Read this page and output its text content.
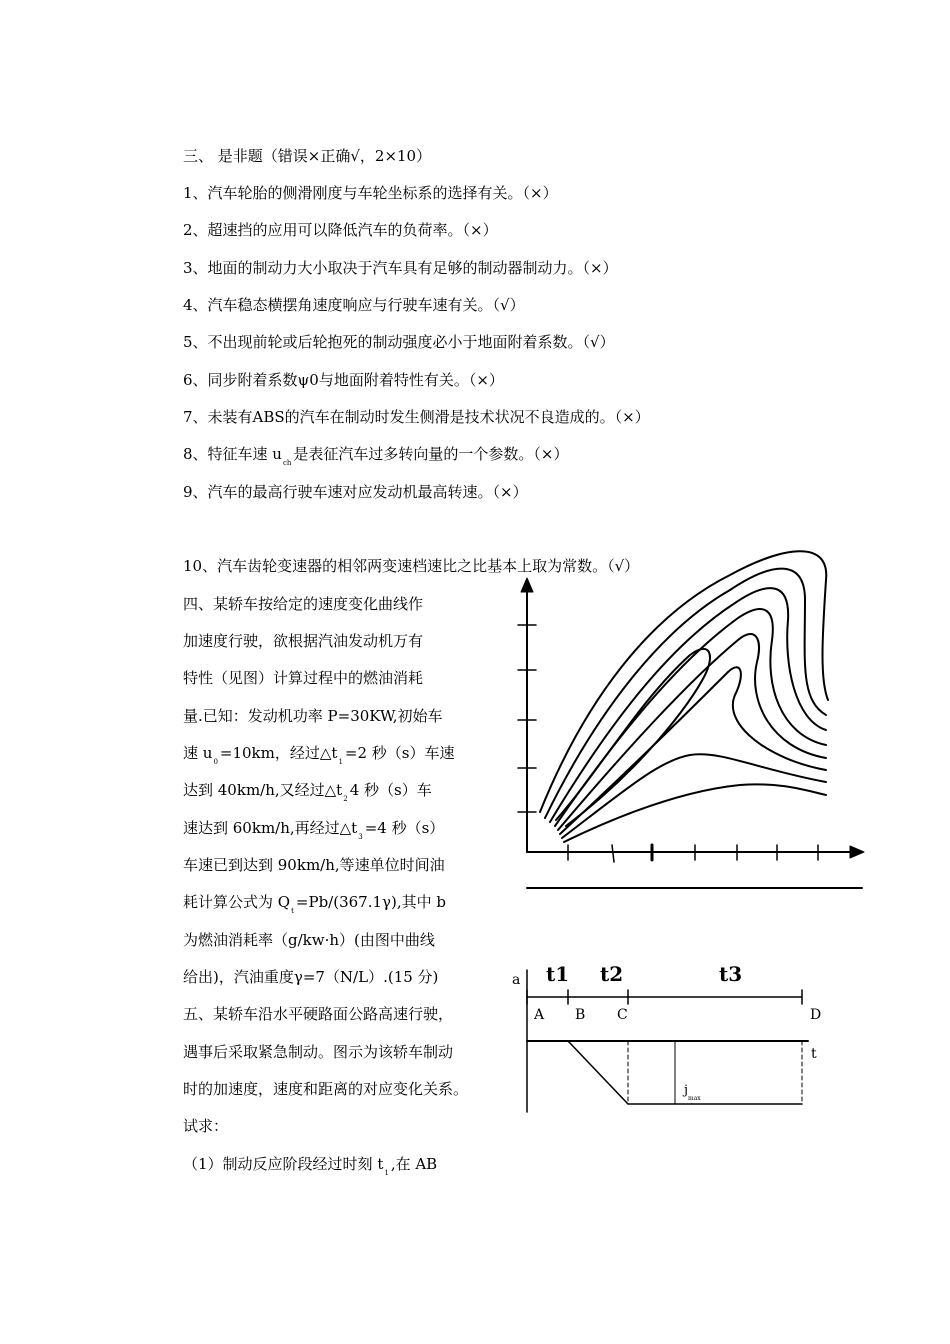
三、 是非题（错误×正确√，2×10）
1、汽车轮胎的侧滑刚度与车轮坐标系的选择有关。（×）
2、超速挡的应用可以降低汽车的负荷率。（×）
3、地面的制动力大小取决于汽车具有足够的制动器制动力。（×）
4、汽车稳态横摆角速度响应与行驶车速有关。（√）
5、不出现前轮或后轮抱死的制动强度必小于地面附着系数。（√）
6、同步附着系数ψ0与地面附着特性有关。（×）
7、未装有ABS的汽车在制动时发生侧滑是技术状况不良造成的。（×）
8、特征车速 $u_{ch}$ 是表征汽车过多转向量的一个参数。（×）
9、汽车的最高行驶车速对应发动机最高转速。（×）
10、汽车齿轮变速器的相邻两变速档速比之比基本上取为常数。（√）
四、某轿车按给定的速度变化曲线作
加速度行驶，欲根据汽油发动机万有
特性（见图）计算过程中的燃油消耗
量.已知：发动机功率 P=30KW,初始车
速 $u_0 =10km$，经过$\triangle t_1 =2$ 秒（s）车速
达到 40km/h,又经过$\triangle t_2$ 4 秒（s）车
速达到 60km/h,再经过$\triangle t_3 =4$ 秒（s）
车速已到达到 90km/h,等速单位时间油
耗计算公式为 $Q_t =Pb/(367.1\gamma)$,其中 b
为燃油消耗率（g/kw·h）(由图中曲线
给出)，汽油重度γ=7（N/L）.(15 分)
五、某轿车沿水平硬路面公路高速行驶，
遇事后采取紧急制动。图示为该轿车制动
时的加速度，速度和距离的对应变化关系。
试求：
（1）制动反应阶段经过时刻 $t_1$ ,在 AB
a t1 t2	t3
A B C	D
t
$j_{max}$
